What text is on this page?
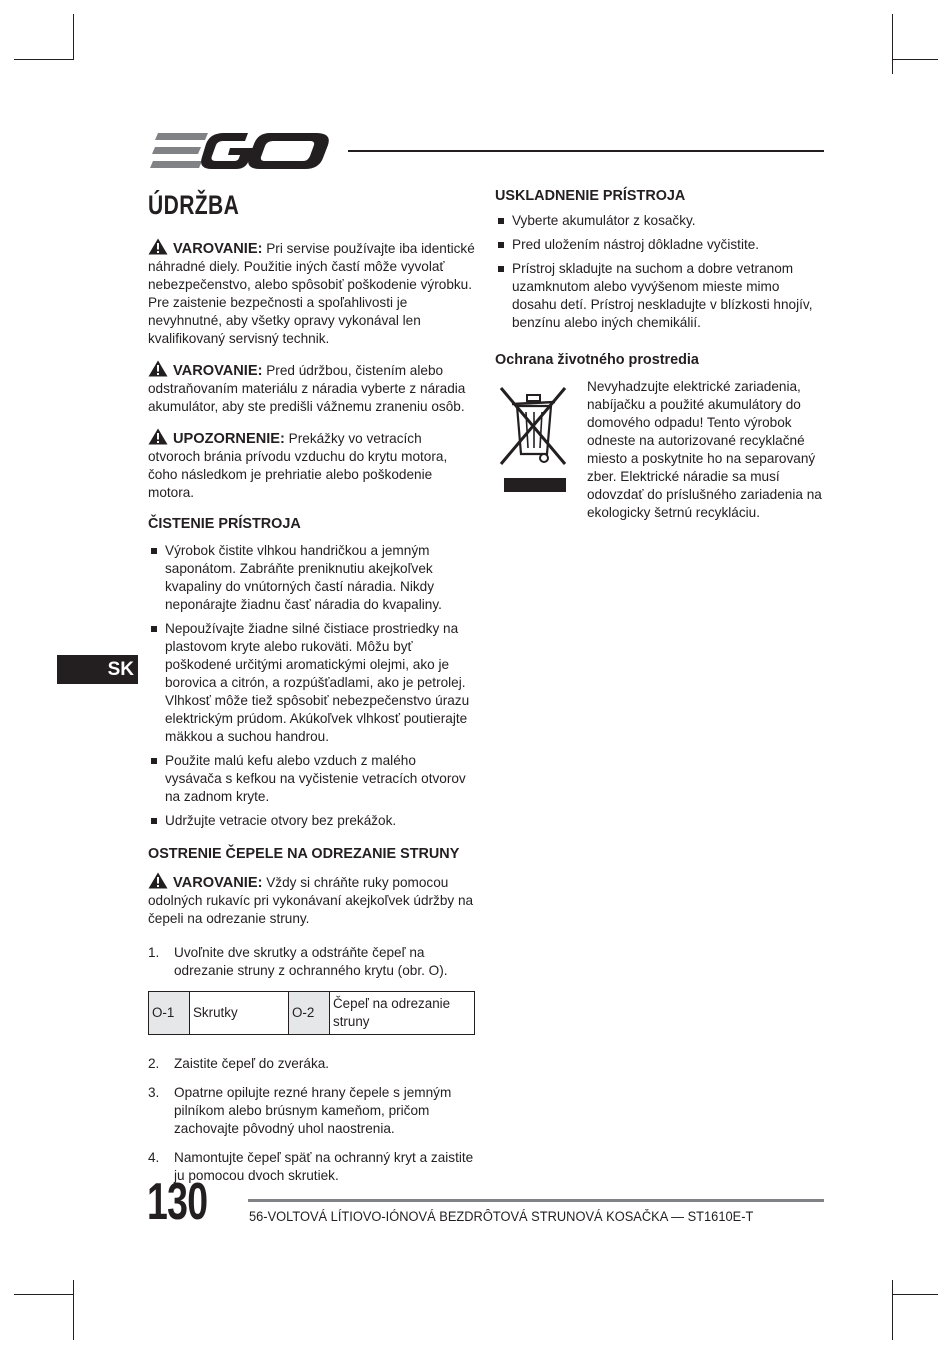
ÚDRŽBA

VAROVANIE: Pri servise používajte iba identické náhradné diely. Použitie iných častí môže vyvolať nebezpečenstvo, alebo spôsobiť poškodenie výrobku. Pre zaistenie bezpečnosti a spoľahlivosti je nevyhnutné, aby všetky opravy vykonával len kvalifikovaný servisný technik.

VAROVANIE: Pred údržbou, čistením alebo odstraňovaním materiálu z náradia vyberte z náradia akumulátor, aby ste predišli vážnemu zraneniu osôb.

UPOZORNENIE: Prekážky vo vetracích otvoroch bránia prívodu vzduchu do krytu motora, čoho následkom je prehriatie alebo poškodenie motora.

ČISTENIE PRÍSTROJA
Výrobok čistite vlhkou handričkou a jemným saponátom. Zabráňte preniknutiu akejkoľvek kvapaliny do vnútorných častí náradia. Nikdy neponárajte žiadnu časť náradia do kvapaliny.
Nepoužívajte žiadne silné čistiace prostriedky na plastovom kryte alebo rukoväti. Môžu byť poškodené určitými aromatickými olejmi, ako je borovica a citrón, a rozpúšťadlami, ako je petrolej. Vlhkosť môže tiež spôsobiť nebezpečenstvo úrazu elektrickým prúdom. Akúkoľvek vlhkosť poutierajte mäkkou a suchou handrou.
Použite malú kefu alebo vzduch z malého vysávača s kefkou na vyčistenie vetracích otvorov na zadnom kryte.
Udržujte vetracie otvory bez prekážok.
OSTRENIE ČEPELE NA ODREZANIE STRUNY

VAROVANIE: Vždy si chráňte ruky pomocou odolných rukavíc pri vykonávaní akejkoľvek údržby na čepeli na odrezanie struny.

1. Uvoľnite dve skrutky a odstráňte čepeľ na odrezanie struny z ochranného krytu (obr. O).
O-1	Skrutky	O-2	Čepeľ na odrezanie struny
2. Zaistite čepeľ do zveráka.
3. Opatrne opilujte rezné hrany čepele s jemným pilníkom alebo brúsnym kameňom, pričom zachovajte pôvodný uhol naostrenia.
4. Namontujte čepeľ späť na ochranný kryt a zaistite ju pomocou dvoch skrutiek.
USKLADNENIE PRÍSTROJA
Vyberte akumulátor z kosačky.
Pred uložením nástroj dôkladne vyčistite.
Prístroj skladujte na suchom a dobre vetranom uzamknutom alebo vyvýšenom mieste mimo dosahu detí. Prístroj neskladujte v blízkosti hnojív, benzínu alebo iných chemikálií.
Ochrana životného prostredia
Nevyhadzujte elektrické zariadenia, nabíjačku a použité akumulátory do domového odpadu! Tento výrobok odneste na autorizované recyklačné miesto a poskytnite ho na separovaný zber. Elektrické náradie sa musí odovzdať do príslušného zariadenia na ekologicky šetrnú recykláciu.
SK
130	56-VOLTOVÁ LÍTIOVO-IÓNOVÁ BEZDRÔTOVÁ STRUNOVÁ KOSAČKA — ST1610E-T
